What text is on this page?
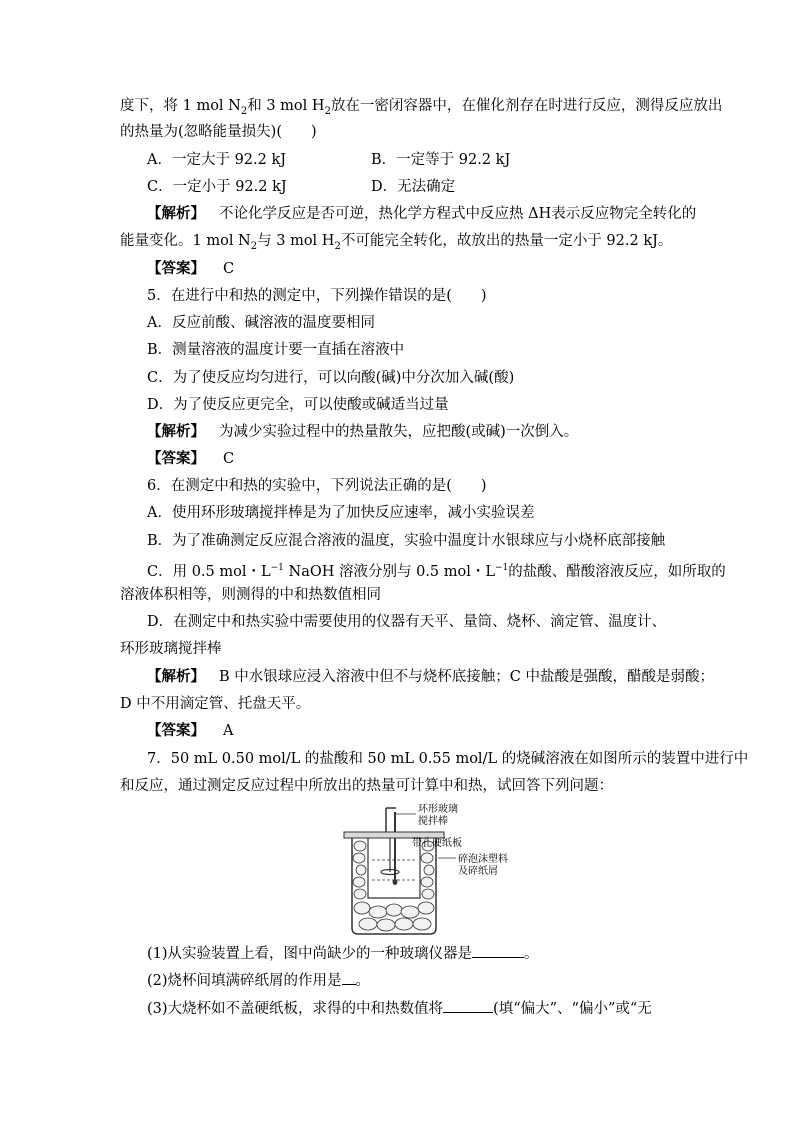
度下，将 1 mol $N_2$和 3 mol $H_2$放在一密闭容器中，在催化剂存在时进行反应，测得反应放出
的热量为(忽略能量损失)(　　)
A．一定大于 92.2 kJ	B．一定等于 92.2 kJ
C．一定小于 92.2 kJ	D．无法确定
【解析】 不论化学反应是否可逆，热化学方程式中反应热 ΔH表示反应物完全转化的
能量变化。1 mol $N_2$与 3 mol $H_2$不可能完全转化，故放出的热量一定小于 92.2 kJ。
【答案】 C
5．在进行中和热的测定中，下列操作错误的是(　　)
A．反应前酸、碱溶液的温度要相同
B．测量溶液的温度计要一直插在溶液中
C．为了使反应均匀进行，可以向酸(碱)中分次加入碱(酸)
D．为了使反应更完全，可以使酸或碱适当过量
【解析】 为减少实验过程中的热量散失，应把酸(或碱)一次倒入。
【答案】 C
6．在测定中和热的实验中，下列说法正确的是(　　)
A．使用环形玻璃搅拌棒是为了加快反应速率，减小实验误差
B．为了准确测定反应混合溶液的温度，实验中温度计水银球应与小烧杯底部接触
C．用 0.5 mol・$L^{-1}$ NaOH 溶液分别与 0.5 mol・$L^{-1}$的盐酸、醋酸溶液反应，如所取的
溶液体积相等，则测得的中和热数值相同
D．在测定中和热实验中需要使用的仪器有天平、量筒、烧杯、滴定管、温度计、
环形玻璃搅拌棒
【解析】 B 中水银球应浸入溶液中但不与烧杯底接触；C 中盐酸是强酸，醋酸是弱酸；
D 中不用滴定管、托盘天平。
【答案】 A
7．50 mL 0.50 mol/L 的盐酸和 50 mL 0.55 mol/L 的烧碱溶液在如图所示的装置中进行中
和反应，通过测定反应过程中所放出的热量可计算中和热，试回答下列问题：
环形玻璃
搅拌棒
带孔硬纸板
碎泡沫塑料
及碎纸屑
(1)从实验装置上看，图中尚缺少的一种玻璃仪器是	。
(2)烧杯间填满碎纸屑的作用是 。
(3)大烧杯如不盖硬纸板，求得的中和热数值将	(填“偏大”、“偏小”或“无
